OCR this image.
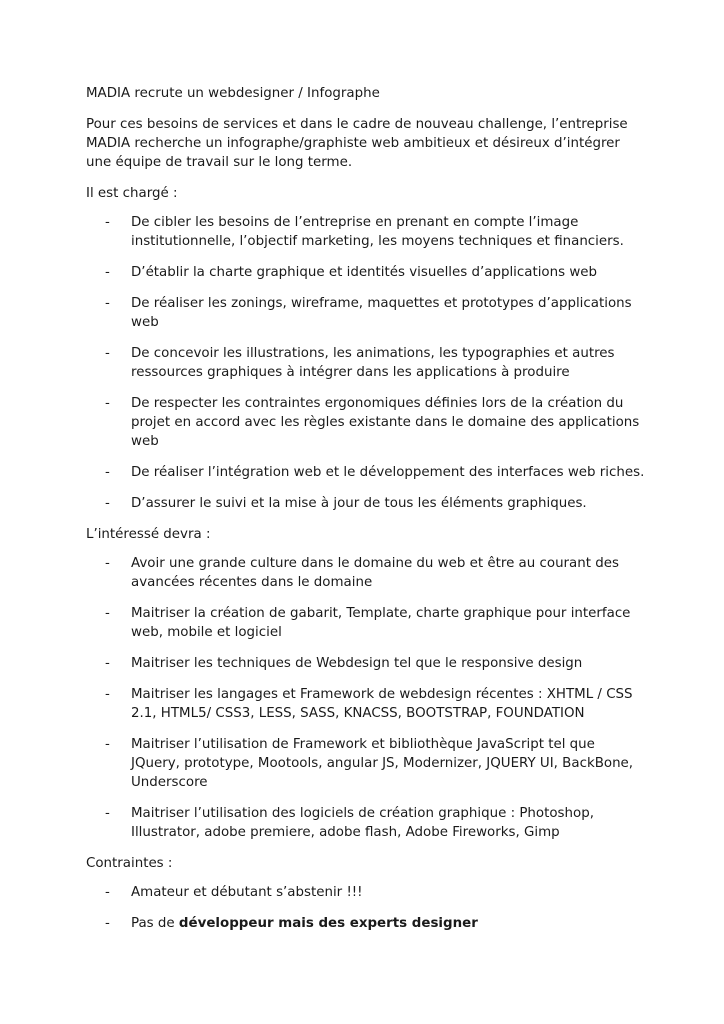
MADIA recrute un webdesigner / Infographe

Pour ces besoins de services et dans le cadre de nouveau challenge, l’entreprise MADIA recherche un infographe/graphiste web ambitieux et désireux d’intégrer une équipe de travail sur le long terme.

Il est chargé :

- De cibler les besoins de l’entreprise en prenant en compte l’image institutionnelle, l’objectif marketing, les moyens techniques et financiers.
- D’établir la charte graphique et identités visuelles d’applications web
- De réaliser les zonings, wireframe, maquettes et prototypes d’applications web
- De concevoir les illustrations, les animations, les typographies et autres ressources graphiques à intégrer dans les applications à produire
- De respecter les contraintes ergonomiques définies lors de la création du projet en accord avec les règles existante dans le domaine des applications web
- De réaliser l’intégration web et le développement des interfaces web riches.
- D’assurer le suivi et la mise à jour de tous les éléments graphiques.

L’intéressé devra :

- Avoir une grande culture dans le domaine du web et être au courant des avancées récentes dans le domaine
- Maitriser la création de gabarit, Template, charte graphique pour interface web, mobile et logiciel
- Maitriser les techniques de Webdesign tel que le responsive design
- Maitriser les langages et Framework de webdesign récentes : XHTML / CSS 2.1, HTML5/ CSS3, LESS, SASS, KNACSS, BOOTSTRAP, FOUNDATION
- Maitriser l’utilisation de Framework et bibliothèque JavaScript tel que JQuery, prototype, Mootools, angular JS, Modernizer, JQUERY UI, BackBone, Underscore
- Maitriser l’utilisation des logiciels de création graphique : Photoshop, Illustrator, adobe premiere, adobe flash, Adobe Fireworks, Gimp

Contraintes :

- Amateur et débutant s’abstenir !!!
- Pas de développeur mais des experts designer
